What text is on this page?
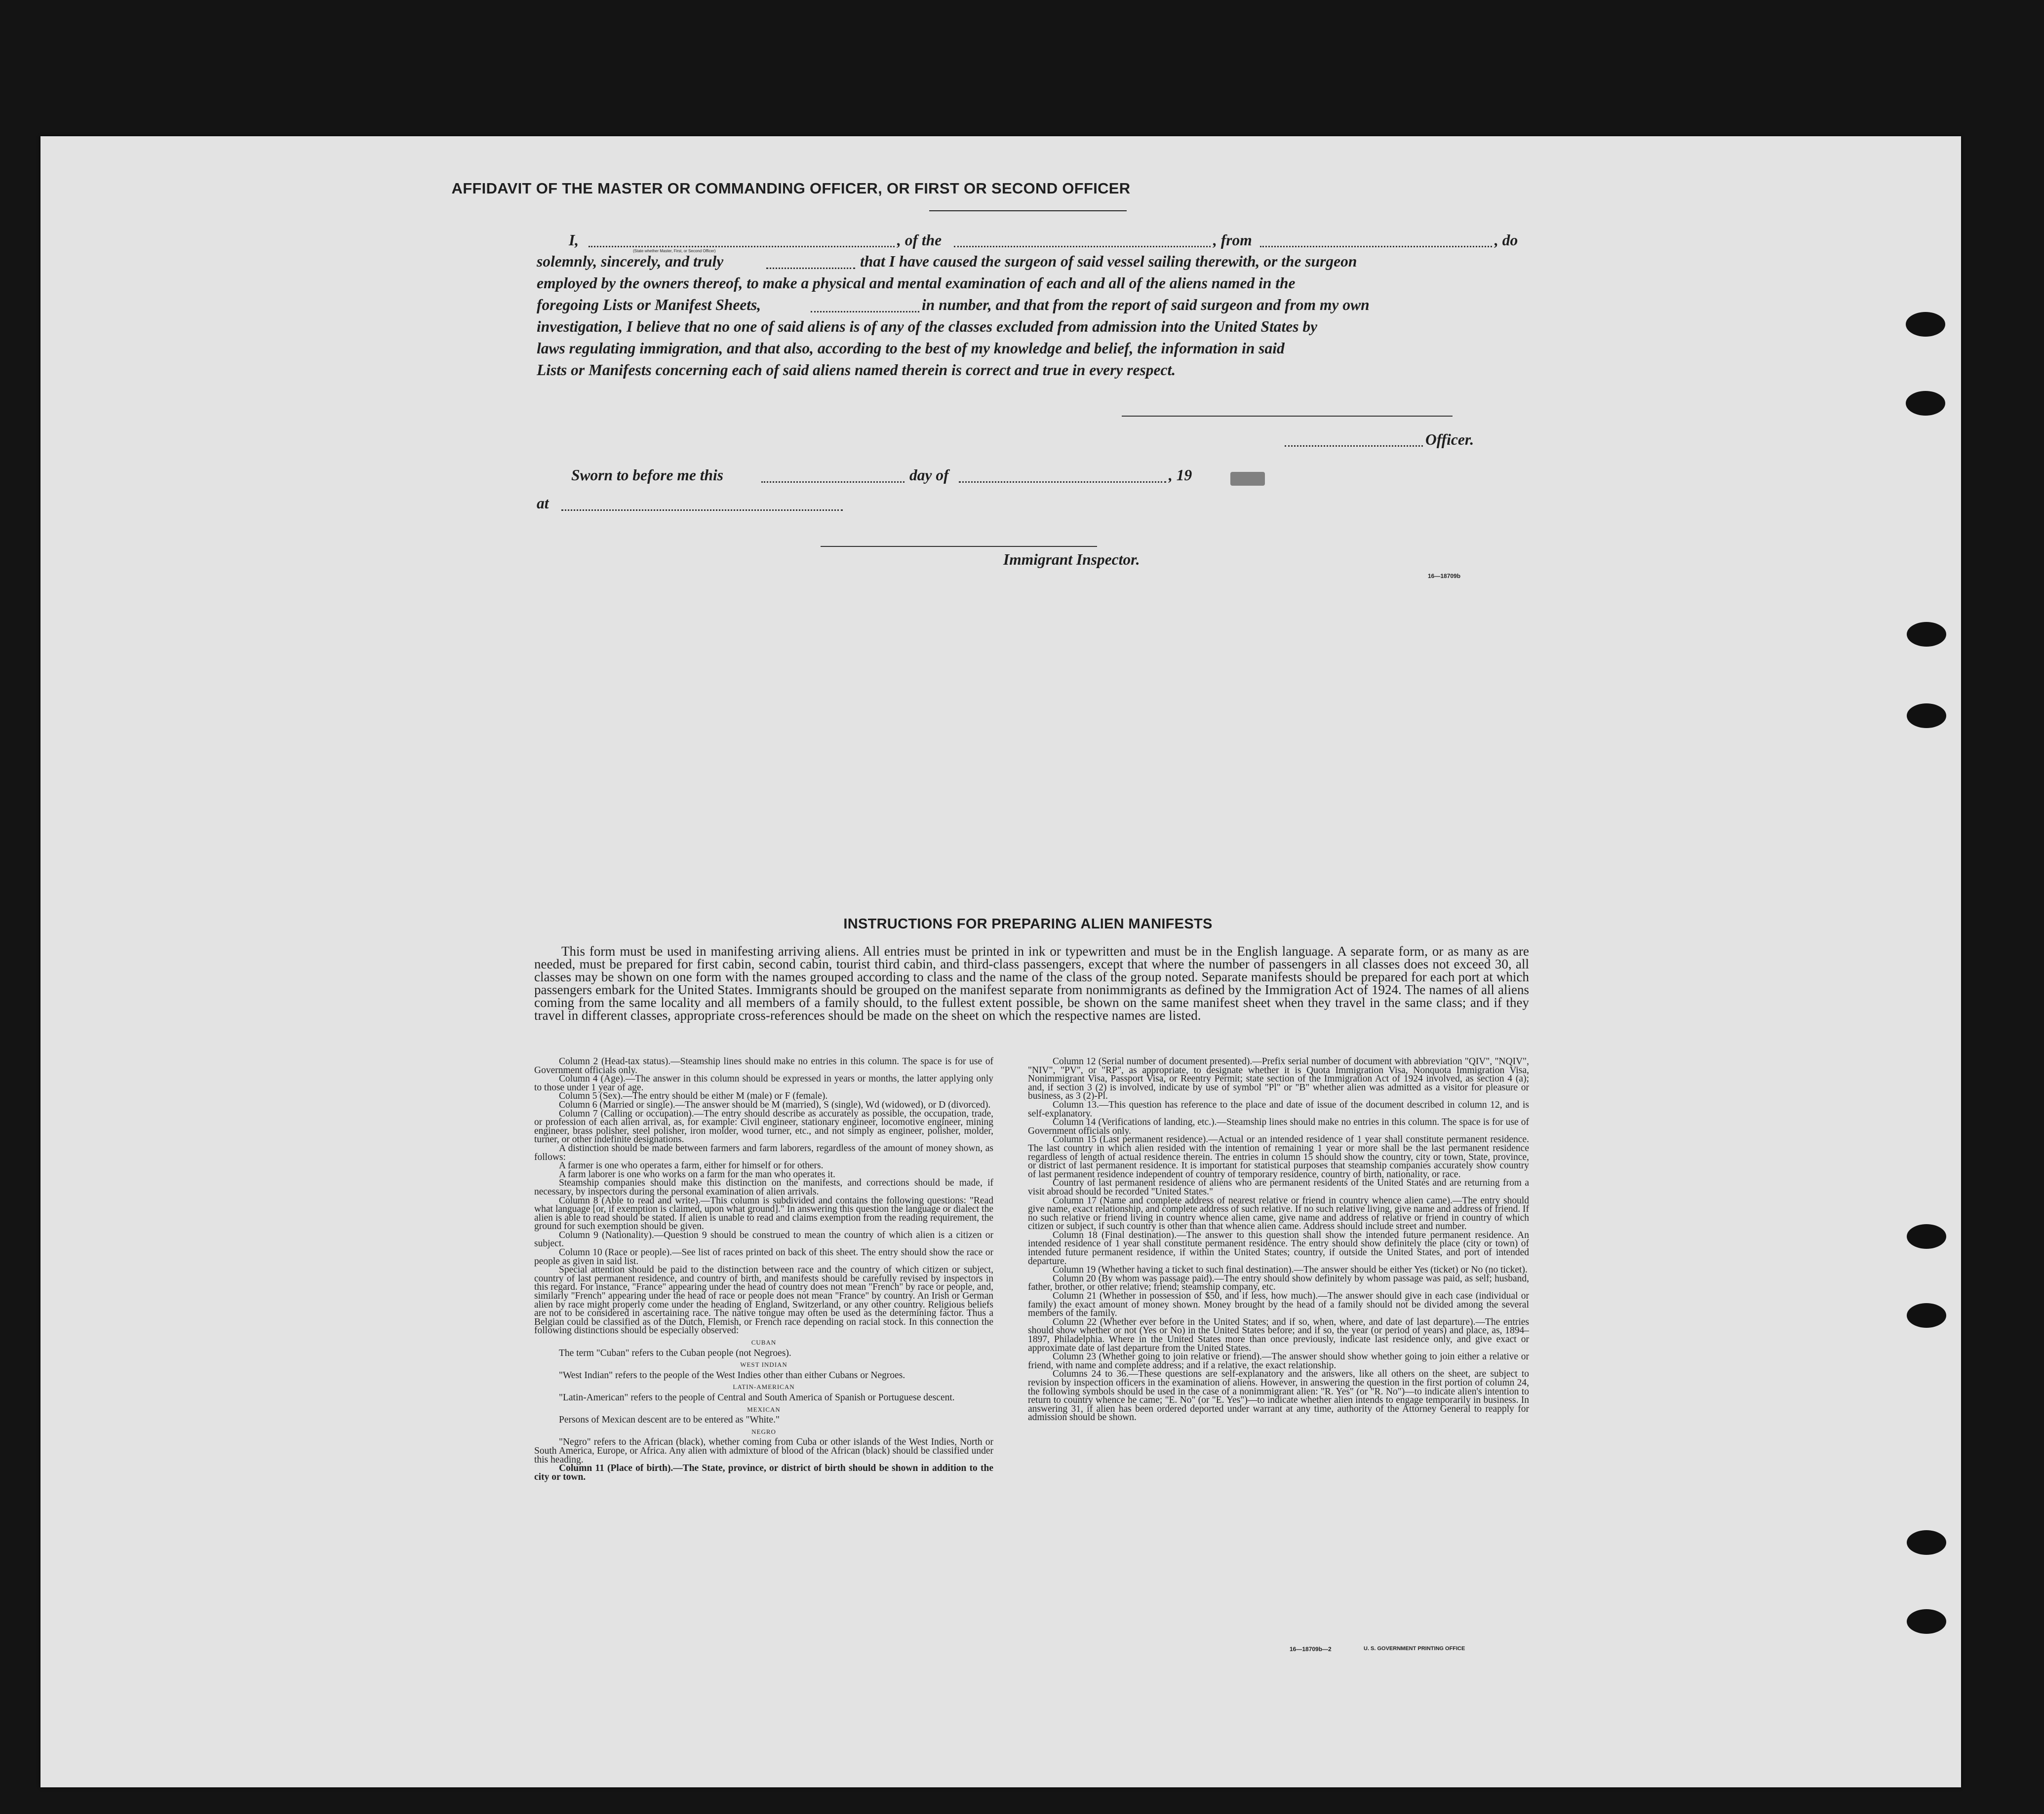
AFFIDAVIT OF THE MASTER OR COMMANDING OFFICER, OR FIRST OR SECOND OFFICER
I,
(State whether Master, First, or Second Officer)
, of the	, from	, do
solemnly, sincerely, and truly	that I have caused the surgeon of said vessel sailing therewith, or the surgeon
employed by the owners thereof, to make a physical and mental examination of each and all of the aliens named in the
foregoing Lists or Manifest Sheets,	in number, and that from the report of said surgeon and from my own
investigation, I believe that no one of said aliens is of any of the classes excluded from admission into the United States by
laws regulating immigration, and that also, according to the best of my knowledge and belief, the information in said
Lists or Manifests concerning each of said aliens named therein is correct and true in every respect.
Officer.
Sworn to before me this	day of	, 19
at
Immigrant Inspector.
16—18709b
INSTRUCTIONS FOR PREPARING ALIEN MANIFESTS
This form must be used in manifesting arriving aliens. All entries must be printed in ink or typewritten and must be in the English language. A separate form, or as many as are needed, must be prepared for first cabin, second cabin, tourist third cabin, and third-class passengers, except that where the number of passengers in all classes does not exceed 30, all classes may be shown on one form with the names grouped according to class and the name of the class of the group noted. Separate manifests should be prepared for each port at which passengers embark for the United States. Immigrants should be grouped on the manifest separate from nonimmigrants as defined by the Immigration Act of 1924. The names of all aliens coming from the same locality and all members of a family should, to the fullest extent possible, be shown on the same manifest sheet when they travel in the same class; and if they travel in different classes, appropriate cross-references should be made on the sheet on which the respective names are listed.

Column 2 (Head-tax status).—Steamship lines should make no entries in this column. The space is for use of Government officials only.

Column 4 (Age).—The answer in this column should be expressed in years or months, the latter applying only to those under 1 year of age.

Column 5 (Sex).—The entry should be either M (male) or F (female).

Column 6 (Married or single).—The answer should be M (married), S (single), Wd (widowed), or D (divorced).

Column 7 (Calling or occupation).—The entry should describe as accurately as possible, the occupation, trade, or profession of each alien arrival, as, for example: Civil engineer, stationary engineer, locomotive engineer, mining engineer, brass polisher, steel polisher, iron molder, wood turner, etc., and not simply as engineer, polisher, molder, turner, or other indefinite designations.

A distinction should be made between farmers and farm laborers, regardless of the amount of money shown, as follows:

A farmer is one who operates a farm, either for himself or for others.

A farm laborer is one who works on a farm for the man who operates it.

Steamship companies should make this distinction on the manifests, and corrections should be made, if necessary, by inspectors during the personal examination of alien arrivals.

Column 8 (Able to read and write).—This column is subdivided and contains the following questions: "Read what language [or, if exemption is claimed, upon what ground]." In answering this question the language or dialect the alien is able to read should be stated. If alien is unable to read and claims exemption from the reading requirement, the ground for such exemption should be given.

Column 9 (Nationality).—Question 9 should be construed to mean the country of which alien is a citizen or subject.

Column 10 (Race or people).—See list of races printed on back of this sheet. The entry should show the race or people as given in said list.

Special attention should be paid to the distinction between race and the country of which citizen or subject, country of last permanent residence, and country of birth, and manifests should be carefully revised by inspectors in this regard. For instance, "France" appearing under the head of country does not mean "French" by race or people, and, similarly "French" appearing under the head of race or people does not mean "France" by country. An Irish or German alien by race might properly come under the heading of England, Switzerland, or any other country. Religious beliefs are not to be considered in ascertaining race. The native tongue may often be used as the determining factor. Thus a Belgian could be classified as of the Dutch, Flemish, or French race depending on racial stock. In this connection the following distinctions should be especially observed:

CUBAN

The term "Cuban" refers to the Cuban people (not Negroes).

WEST INDIAN

"West Indian" refers to the people of the West Indies other than either Cubans or Negroes.

LATIN-AMERICAN

"Latin-American" refers to the people of Central and South America of Spanish or Portuguese descent.

MEXICAN

Persons of Mexican descent are to be entered as "White."

NEGRO

"Negro" refers to the African (black), whether coming from Cuba or other islands of the West Indies, North or South America, Europe, or Africa. Any alien with admixture of blood of the African (black) should be classified under this heading.

Column 11 (Place of birth).—The State, province, or district of birth should be shown in addition to the city or town.

Column 12 (Serial number of document presented).—Prefix serial number of document with abbreviation "QIV", "NQIV", "NIV", "PV", or "RP", as appropriate, to designate whether it is Quota Immigration Visa, Nonquota Immigration Visa, Nonimmigrant Visa, Passport Visa, or Reentry Permit; state section of the Immigration Act of 1924 involved, as section 4 (a); and, if section 3 (2) is involved, indicate by use of symbol "Pl" or "B" whether alien was admitted as a visitor for pleasure or business, as 3 (2)-Pl.

Column 13.—This question has reference to the place and date of issue of the document described in column 12, and is self-explanatory.

Column 14 (Verifications of landing, etc.).—Steamship lines should make no entries in this column. The space is for use of Government officials only.

Column 15 (Last permanent residence).—Actual or an intended residence of 1 year shall constitute permanent residence. The last country in which alien resided with the intention of remaining 1 year or more shall be the last permanent residence regardless of length of actual residence therein. The entries in column 15 should show the country, city or town, State, province, or district of last permanent residence. It is important for statistical purposes that steamship companies accurately show country of last permanent residence independent of country of temporary residence, country of birth, nationality, or race.

Country of last permanent residence of aliens who are permanent residents of the United States and are returning from a visit abroad should be recorded "United States."

Column 17 (Name and complete address of nearest relative or friend in country whence alien came).—The entry should give name, exact relationship, and complete address of such relative. If no such relative living, give name and address of friend. If no such relative or friend living in country whence alien came, give name and address of relative or friend in country of which citizen or subject, if such country is other than that whence alien came. Address should include street and number.

Column 18 (Final destination).—The answer to this question shall show the intended future permanent residence. An intended residence of 1 year shall constitute permanent residence. The entry should show definitely the place (city or town) of intended future permanent residence, if within the United States; country, if outside the United States, and port of intended departure.

Column 19 (Whether having a ticket to such final destination).—The answer should be either Yes (ticket) or No (no ticket).

Column 20 (By whom was passage paid).—The entry should show definitely by whom passage was paid, as self; husband, father, brother, or other relative; friend; steamship company, etc.

Column 21 (Whether in possession of $50, and if less, how much).—The answer should give in each case (individual or family) the exact amount of money shown. Money brought by the head of a family should not be divided among the several members of the family.

Column 22 (Whether ever before in the United States; and if so, when, where, and date of last departure).—The entries should show whether or not (Yes or No) in the United States before; and if so, the year (or period of years) and place, as, 1894–1897, Philadelphia. Where in the United States more than once previously, indicate last residence only, and give exact or approximate date of last departure from the United States.

Column 23 (Whether going to join relative or friend).—The answer should show whether going to join either a relative or friend, with name and complete address; and if a relative, the exact relationship.

Columns 24 to 36.—These questions are self-explanatory and the answers, like all others on the sheet, are subject to revision by inspection officers in the examination of aliens. However, in answering the question in the first portion of column 24, the following symbols should be used in the case of a nonimmigrant alien: "R. Yes" (or "R. No")—to indicate alien's intention to return to country whence he came; "E. No" (or "E. Yes")—to indicate whether alien intends to engage temporarily in business. In answering 31, if alien has been ordered deported under warrant at any time, authority of the Attorney General to reapply for admission should be shown.

16—18709b—2	U. S. GOVERNMENT PRINTING OFFICE
